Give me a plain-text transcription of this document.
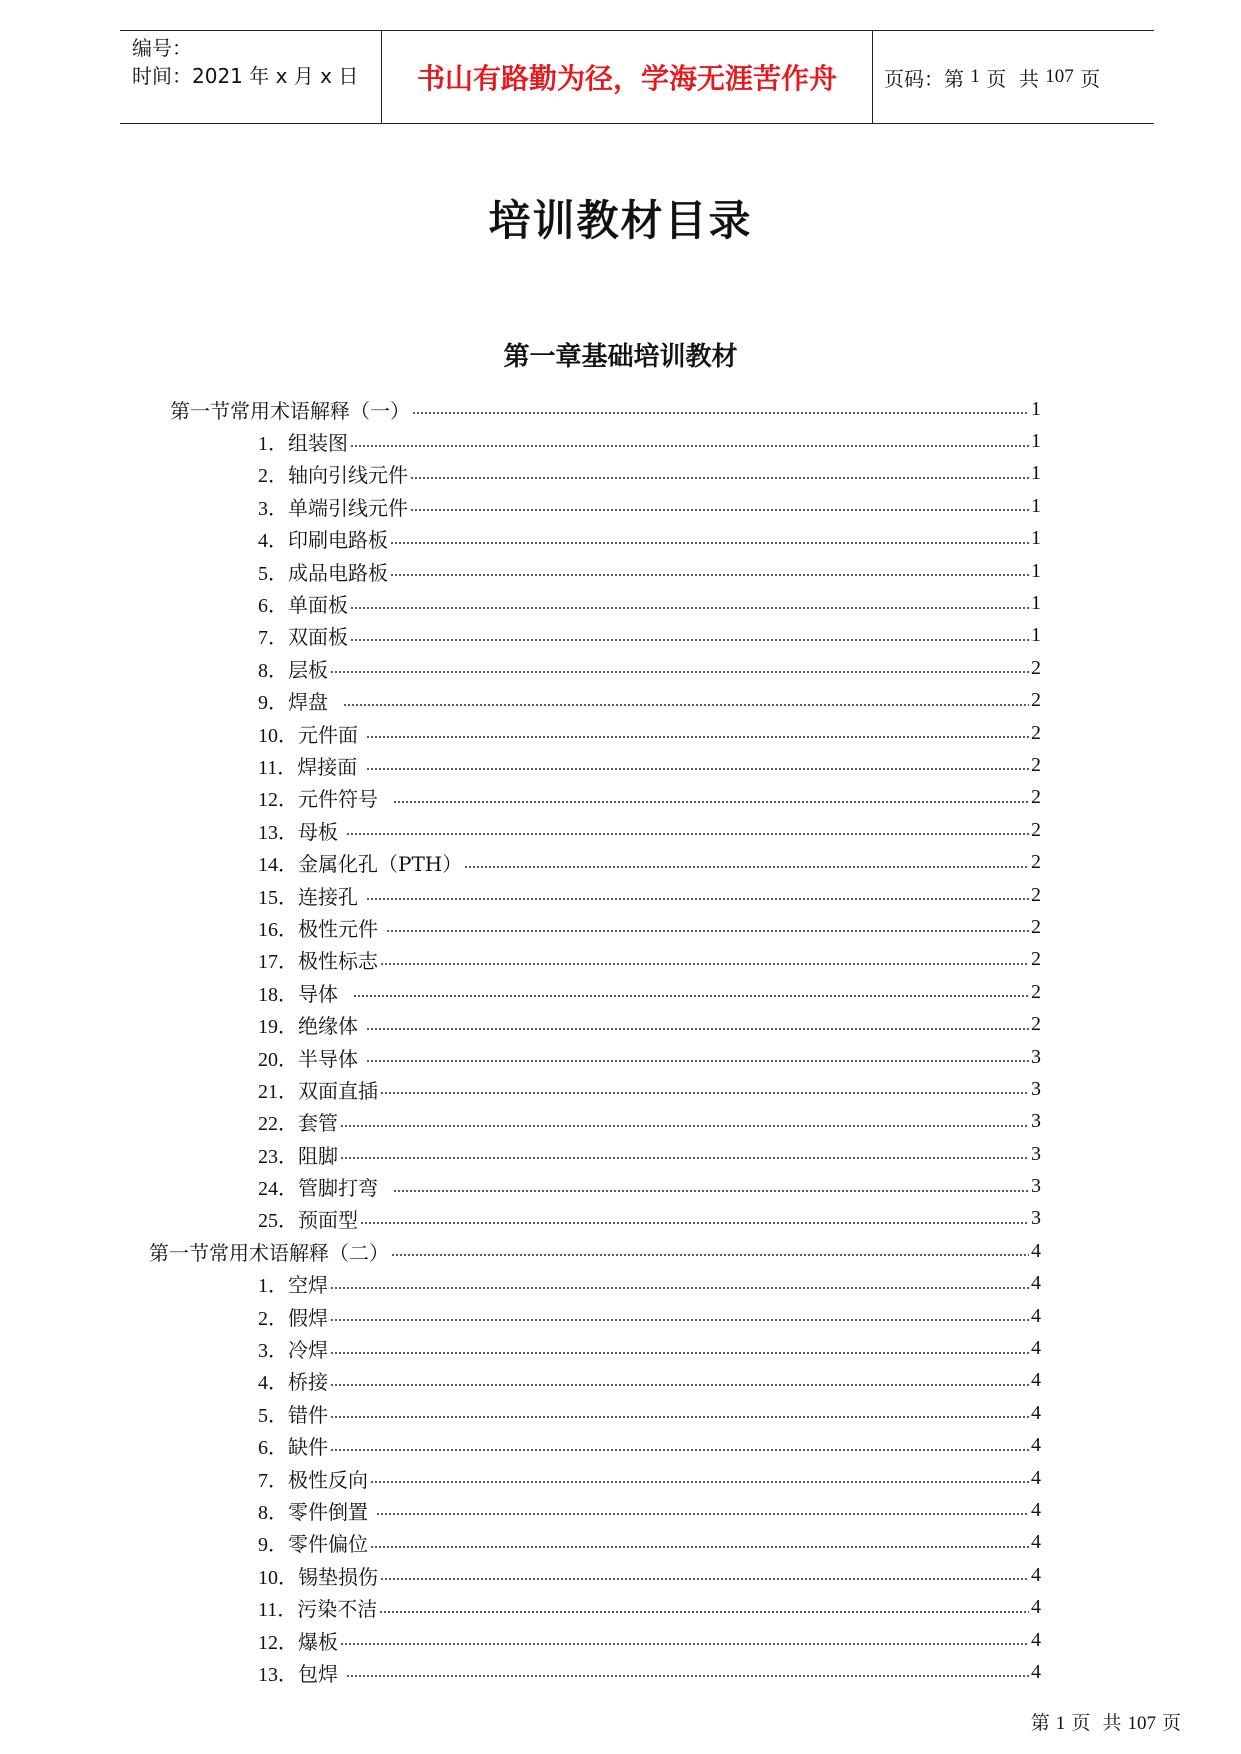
编号：
时间：2021 年 x 月 x 日	书山有路勤为径，学海无涯苦作舟	页码： 第 1 页  共 107 页
培训教材目录
第一章基础培训教材
第一节常用术语解释（一）	1
1．组装图	1
2．轴向引线元件	1
3．单端引线元件	1
4．印刷电路板	1
5．成品电路板	1
6．单面板	1
7．双面板	1
8．层板	2
9．焊盘	2
10．元件面	2
11．焊接面	2
12．元件符号	2
13．母板	2
14．金属化孔（PTH）	2
15．连接孔	2
16．极性元件	2
17．极性标志	2
18．导体	2
19．绝缘体	2
20．半导体	3
21．双面直插	3
22．套管	3
23．阻脚	3
24．管脚打弯	3
25．预面型	3
第一节常用术语解释（二）	4
1．空焊	4
2．假焊	4
3．冷焊	4
4．桥接	4
5．错件	4
6．缺件	4
7．极性反向	4
8．零件倒置	4
9．零件偏位	4
10．锡垫损伤	4
11．污染不洁	4
12．爆板	4
13．包焊	4
第 1 页  共 107 页
